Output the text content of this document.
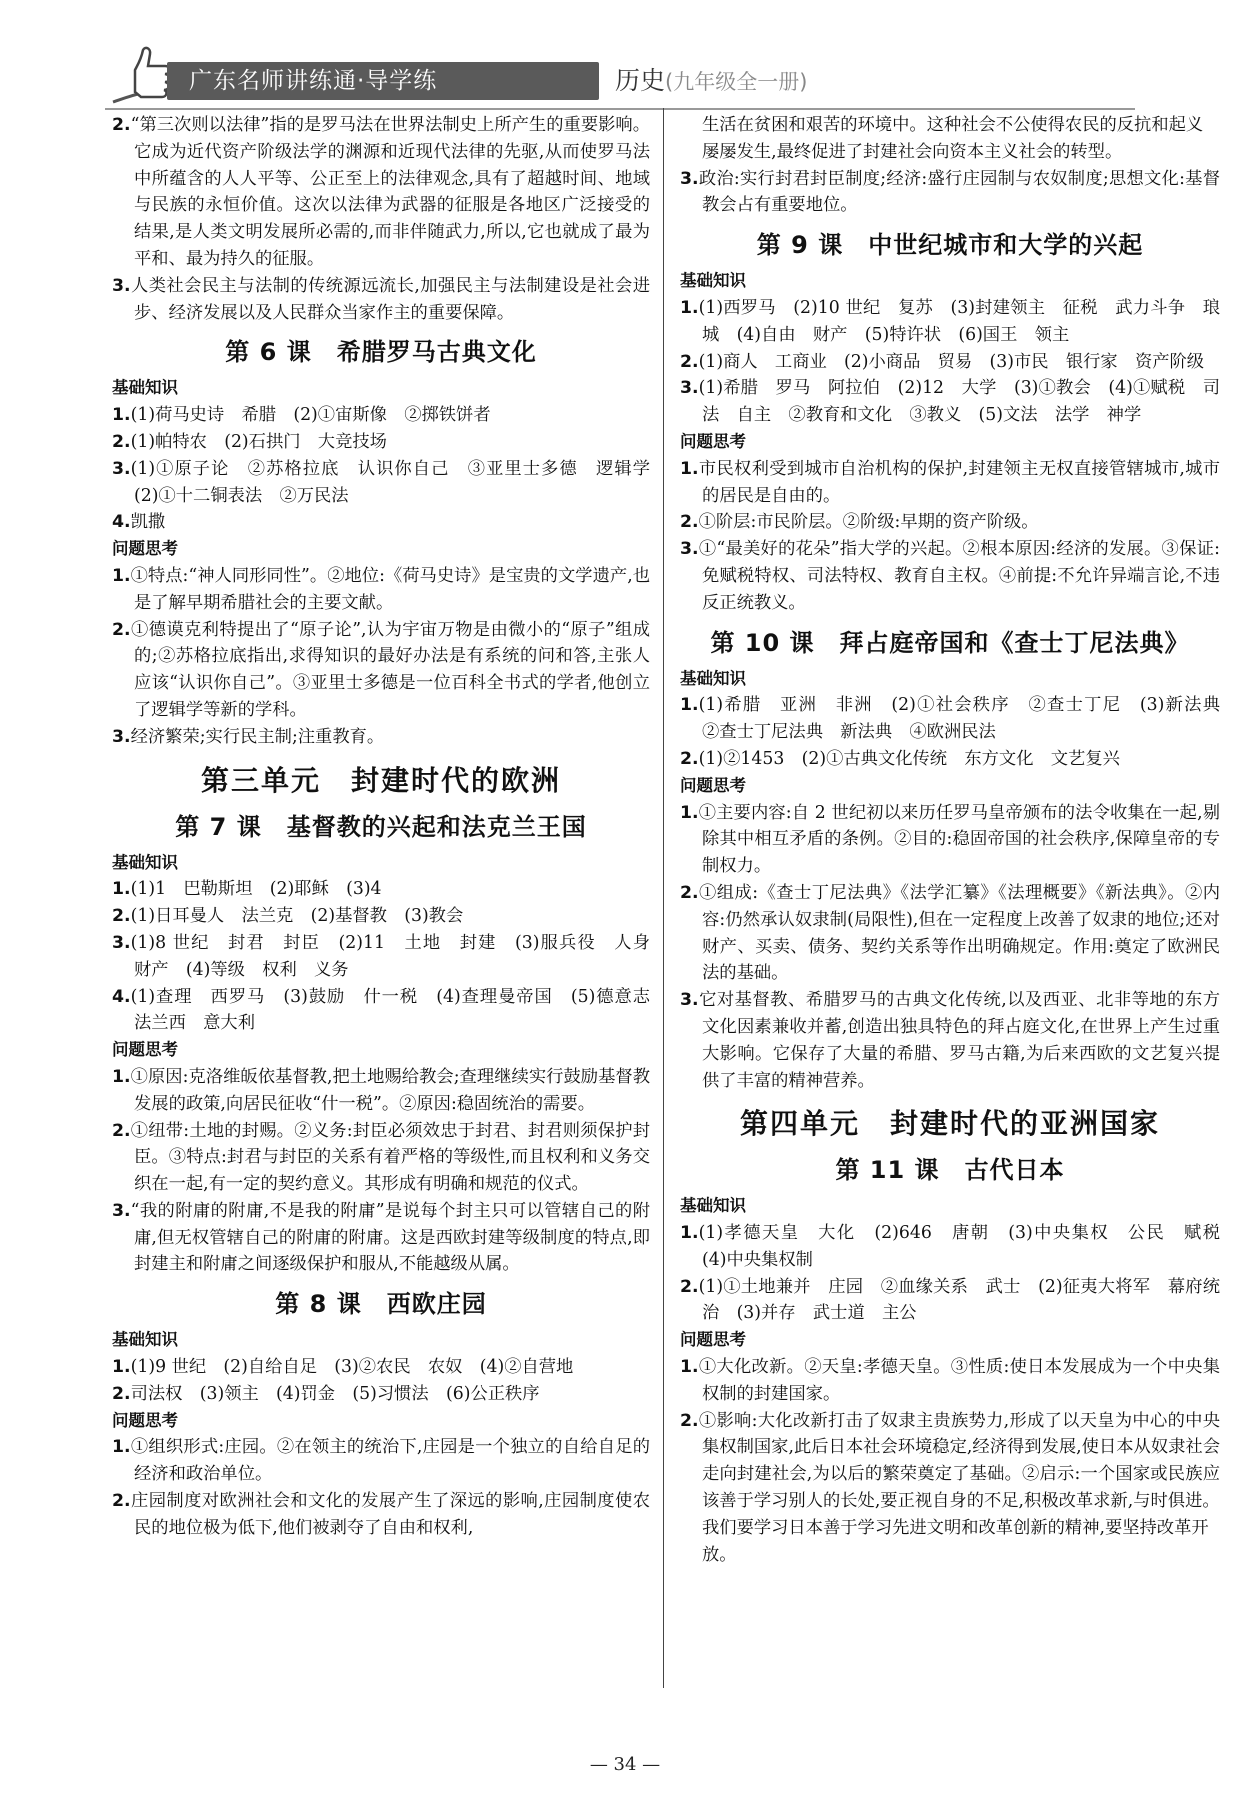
广东名师讲练通·导学练	历史(九年级全一册)

2.“第三次则以法律”指的是罗马法在世界法制史上所产生的重要影响。它成为近代资产阶级法学的渊源和近现代法律的先驱,从而使罗马法中所蕴含的人人平等、公正至上的法律观念,具有了超越时间、地域与民族的永恒价值。这次以法律为武器的征服是各地区广泛接受的结果,是人类文明发展所必需的,而非伴随武力,所以,它也就成了最为平和、最为持久的征服。

3.人类社会民主与法制的传统源远流长,加强民主与法制建设是社会进步、经济发展以及人民群众当家作主的重要保障。

第 6 课　希腊罗马古典文化

基础知识

1.(1)荷马史诗　希腊　(2)①宙斯像　②掷铁饼者

2.(1)帕特农　(2)石拱门　大竞技场

3.(1)①原子论　②苏格拉底　认识你自己　③亚里士多德　逻辑学　(2)①十二铜表法　②万民法

4.凯撒

问题思考

1.①特点:“神人同形同性”。②地位:《荷马史诗》是宝贵的文学遗产,也是了解早期希腊社会的主要文献。

2.①德谟克利特提出了“原子论”,认为宇宙万物是由微小的“原子”组成的;②苏格拉底指出,求得知识的最好办法是有系统的问和答,主张人应该“认识你自己”。③亚里士多德是一位百科全书式的学者,他创立了逻辑学等新的学科。

3.经济繁荣;实行民主制;注重教育。

第三单元　封建时代的欧洲
第 7 课　基督教的兴起和法克兰王国

基础知识

1.(1)1　巴勒斯坦　(2)耶稣　(3)4

2.(1)日耳曼人　法兰克　(2)基督教　(3)教会

3.(1)8 世纪　封君　封臣　(2)11　土地　封建　(3)服兵役　人身　财产　(4)等级　权利　义务

4.(1)查理　西罗马　(3)鼓励　什一税　(4)查理曼帝国　(5)德意志　法兰西　意大利

问题思考

1.①原因:克洛维皈依基督教,把土地赐给教会;查理继续实行鼓励基督教发展的政策,向居民征收“什一税”。②原因:稳固统治的需要。

2.①纽带:土地的封赐。②义务:封臣必须效忠于封君、封君则须保护封臣。③特点:封君与封臣的关系有着严格的等级性,而且权利和义务交织在一起,有一定的契约意义。其形成有明确和规范的仪式。

3.“我的附庸的附庸,不是我的附庸”是说每个封主只可以管辖自己的附庸,但无权管辖自己的附庸的附庸。这是西欧封建等级制度的特点,即封建主和附庸之间逐级保护和服从,不能越级从属。

第 8 课　西欧庄园

基础知识

1.(1)9 世纪　(2)自给自足　(3)②农民　农奴　(4)②自营地

2.司法权　(3)领主　(4)罚金　(5)习惯法　(6)公正秩序

问题思考

1.①组织形式:庄园。②在领主的统治下,庄园是一个独立的自给自足的经济和政治单位。

2.庄园制度对欧洲社会和文化的发展产生了深远的影响,庄园制度使农民的地位极为低下,他们被剥夺了自由和权利,

生活在贫困和艰苦的环境中。这种社会不公使得农民的反抗和起义屡屡发生,最终促进了封建社会向资本主义社会的转型。

3.政治:实行封君封臣制度;经济:盛行庄园制与农奴制度;思想文化:基督教会占有重要地位。

第 9 课　中世纪城市和大学的兴起

基础知识

1.(1)西罗马　(2)10 世纪　复苏　(3)封建领主　征税　武力斗争　琅城　(4)自由　财产　(5)特许状　(6)国王　领主

2.(1)商人　工商业　(2)小商品　贸易　(3)市民　银行家　资产阶级

3.(1)希腊　罗马　阿拉伯　(2)12　大学　(3)①教会　(4)①赋税　司法　自主　②教育和文化　③教义　(5)文法　法学　神学

问题思考

1.市民权利受到城市自治机构的保护,封建领主无权直接管辖城市,城市的居民是自由的。

2.①阶层:市民阶层。②阶级:早期的资产阶级。

3.①“最美好的花朵”指大学的兴起。②根本原因:经济的发展。③保证:免赋税特权、司法特权、教育自主权。④前提:不允许异端言论,不违反正统教义。

第 10 课　拜占庭帝国和《查士丁尼法典》

基础知识

1.(1)希腊　亚洲　非洲　(2)①社会秩序　②查士丁尼　(3)新法典　②查士丁尼法典　新法典　④欧洲民法

2.(1)②1453　(2)①古典文化传统　东方文化　文艺复兴

问题思考

1.①主要内容:自 2 世纪初以来历任罗马皇帝颁布的法令收集在一起,剔除其中相互矛盾的条例。②目的:稳固帝国的社会秩序,保障皇帝的专制权力。

2.①组成:《查士丁尼法典》《法学汇纂》《法理概要》《新法典》。②内容:仍然承认奴隶制(局限性),但在一定程度上改善了奴隶的地位;还对财产、买卖、债务、契约关系等作出明确规定。作用:奠定了欧洲民法的基础。

3.它对基督教、希腊罗马的古典文化传统,以及西亚、北非等地的东方文化因素兼收并蓄,创造出独具特色的拜占庭文化,在世界上产生过重大影响。它保存了大量的希腊、罗马古籍,为后来西欧的文艺复兴提供了丰富的精神营养。

第四单元　封建时代的亚洲国家
第 11 课　古代日本

基础知识

1.(1)孝德天皇　大化　(2)646　唐朝　(3)中央集权　公民　赋税　(4)中央集权制

2.(1)①土地兼并　庄园　②血缘关系　武士　(2)征夷大将军　幕府统治　(3)并存　武士道　主公

问题思考

1.①大化改新。②天皇:孝德天皇。③性质:使日本发展成为一个中央集权制的封建国家。

2.①影响:大化改新打击了奴隶主贵族势力,形成了以天皇为中心的中央集权制国家,此后日本社会环境稳定,经济得到发展,使日本从奴隶社会走向封建社会,为以后的繁荣奠定了基础。②启示:一个国家或民族应该善于学习别人的长处,要正视自身的不足,积极改革求新,与时俱进。

我们要学习日本善于学习先进文明和改革创新的精神,要坚持改革开放。

— 34 —
